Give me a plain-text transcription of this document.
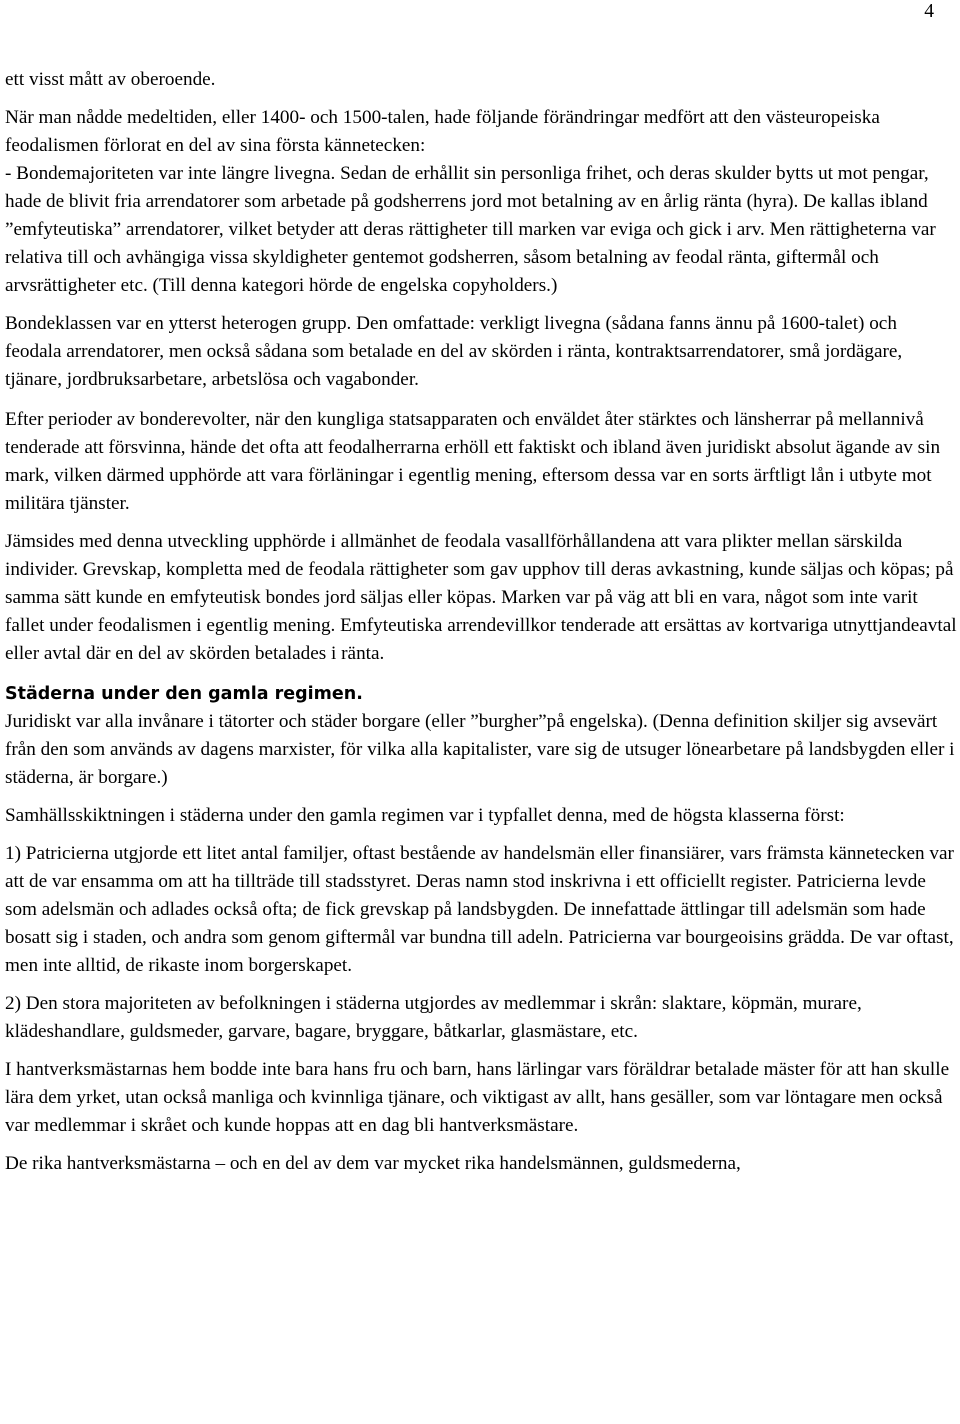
4

ett visst mått av oberoende.

När man nådde medeltiden, eller 1400- och 1500-talen, hade följande förändringar medfört att den västeuropeiska feodalismen förlorat en del av sina första kännetecken:

- Bondemajoriteten var inte längre livegna. Sedan de erhållit sin personliga frihet, och deras skulder bytts ut mot pengar, hade de blivit fria arrendatorer som arbetade på godsherrens jord mot betalning av en årlig ränta (hyra). De kallas ibland ”emfyteutiska” arrendatorer, vilket betyder att deras rättigheter till marken var eviga och gick i arv. Men rättigheterna var relativa till och avhängiga vissa skyldigheter gentemot godsherren, såsom betalning av feodal ränta, giftermål och arvsrättigheter etc. (Till denna kategori hörde de engelska copyholders.)

Bondeklassen var en ytterst heterogen grupp. Den omfattade: verkligt livegna (sådana fanns ännu på 1600-talet) och feodala arrendatorer, men också sådana som betalade en del av skörden i ränta, kontraktsarrendatorer, små jordägare, tjänare, jordbruksarbetare, arbetslösa och vagabonder.

Efter perioder av bonderevolter, när den kungliga statsapparaten och enväldet åter stärktes och länsherrar på mellannivå tenderade att försvinna, hände det ofta att feodalherrarna erhöll ett faktiskt och ibland även juridiskt absolut ägande av sin mark, vilken därmed upphörde att vara förläningar i egentlig mening, eftersom dessa var en sorts ärftligt lån i utbyte mot militära tjänster.

Jämsides med denna utveckling upphörde i allmänhet de feodala vasallförhållandena att vara plikter mellan särskilda individer. Grevskap, kompletta med de feodala rättigheter som gav upphov till deras avkastning, kunde säljas och köpas; på samma sätt kunde en emfyteutisk bondes jord säljas eller köpas. Marken var på väg att bli en vara, något som inte varit fallet under feodalismen i egentlig mening. Emfyteutiska arrendevillkor tenderade att ersättas av kortvariga utnyttjandeavtal eller avtal där en del av skörden betalades i ränta.

Städerna under den gamla regimen.

Juridiskt var alla invånare i tätorter och städer borgare (eller ”burgher”på engelska). (Denna definition skiljer sig avsevärt från den som används av dagens marxister, för vilka alla kapitalister, vare sig de utsuger lönearbetare på landsbygden eller i städerna, är borgare.)

Samhällsskiktningen i städerna under den gamla regimen var i typfallet denna, med de högsta klasserna först:

1) Patricierna utgjorde ett litet antal familjer, oftast bestående av handelsmän eller finansiärer, vars främsta kännetecken var att de var ensamma om att ha tillträde till stadsstyret. Deras namn stod inskrivna i ett officiellt register. Patricierna levde som adelsmän och adlades också ofta; de fick grevskap på landsbygden. De innefattade ättlingar till adelsmän som hade bosatt sig i staden, och andra som genom giftermål var bundna till adeln. Patricierna var bourgeoisins grädda. De var oftast, men inte alltid, de rikaste inom borgerskapet.

2) Den stora majoriteten av befolkningen i städerna utgjordes av medlemmar i skrån: slaktare, köpmän, murare, klädeshandlare, guldsmeder, garvare, bagare, bryggare, båtkarlar, glasmästare, etc.

I hantverksmästarnas hem bodde inte bara hans fru och barn, hans lärlingar vars föräldrar betalade mäster för att han skulle lära dem yrket, utan också manliga och kvinnliga tjänare, och viktigast av allt, hans gesäller, som var löntagare men också var medlemmar i skrået och kunde hoppas att en dag bli hantverksmästare.

De rika hantverksmästarna – och en del av dem var mycket rika handelsmännen, guldsmederna,
